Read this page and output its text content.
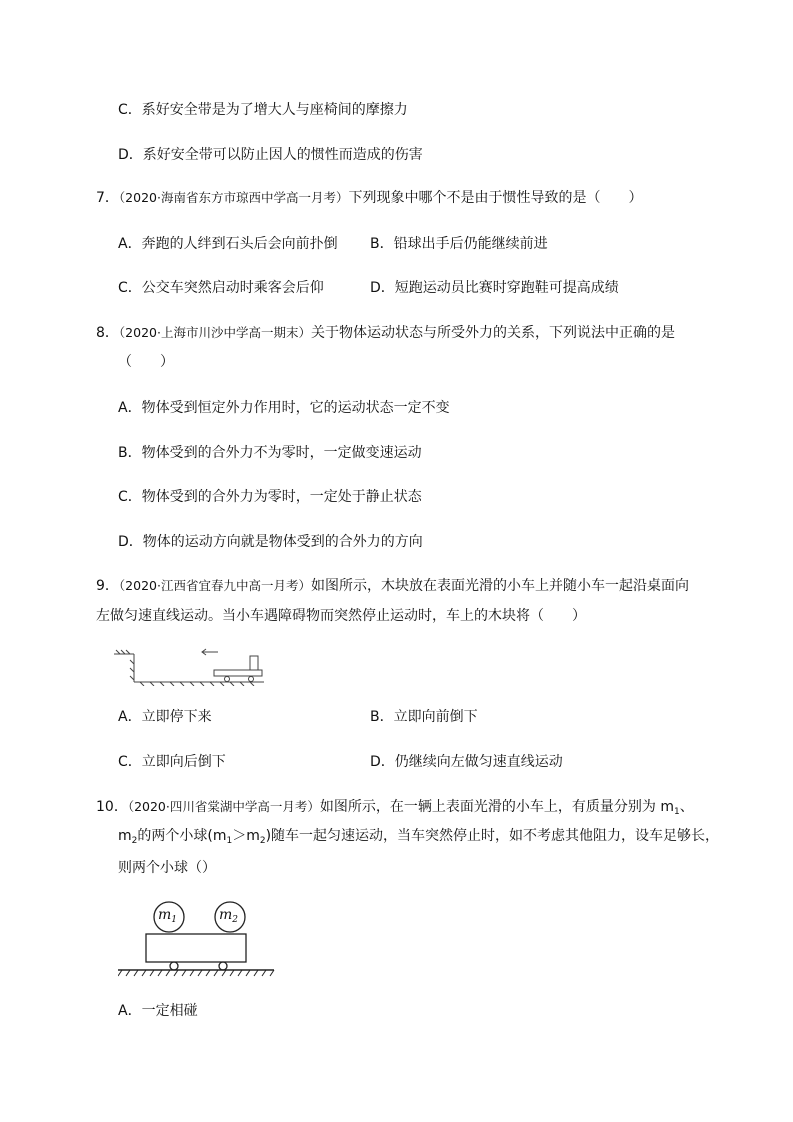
C．系好安全带是为了增大人与座椅间的摩擦力
D．系好安全带可以防止因人的惯性而造成的伤害
7．（2020·海南省东方市琼西中学高一月考）下列现象中哪个不是由于惯性导致的是（　　）
A．奔跑的人绊到石头后会向前扑倒 B．铅球出手后仍能继续前进
C．公交车突然启动时乘客会后仰	D．短跑运动员比赛时穿跑鞋可提高成绩
8．（2020·上海市川沙中学高一期末）关于物体运动状态与所受外力的关系，下列说法中正确的是
（　　）
A．物体受到恒定外力作用时，它的运动状态一定不变
B．物体受到的合外力不为零时，一定做变速运动
C．物体受到的合外力为零时，一定处于静止状态
D．物体的运动方向就是物体受到的合外力的方向
9．（2020·江西省宜春九中高一月考）如图所示，木块放在表面光滑的小车上并随小车一起沿桌面向
左做匀速直线运动。当小车遇障碍物而突然停止运动时，车上的木块将（　　）
A．立即停下来	B．立即向前倒下
C．立即向后倒下	D．仍继续向左做匀速直线运动
10．（2020·四川省棠湖中学高一月考）如图所示，在一辆上表面光滑的小车上，有质量分别为 $m_1$、
$m_2$的两个小球$(m_1>m_2)$随车一起匀速运动，当车突然停止时，如不考虑其他阻力，设车足够长，
则两个小球（）
$m_1$	$m_2$
A．一定相碰
